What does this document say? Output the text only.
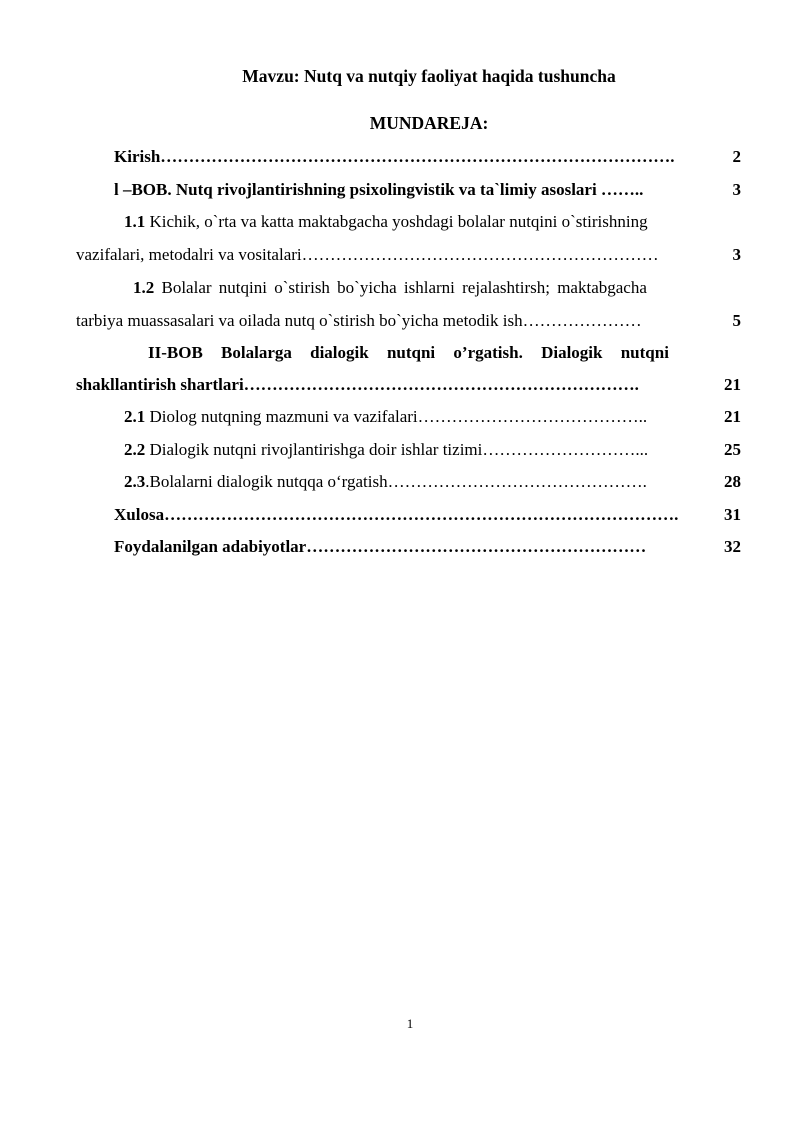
Mavzu: Nutq va nutqiy faoliyat haqida tushuncha
MUNDAREJA:
Kirish……………………………………………………………………………….	2
l –BOB. Nutq rivojlantirishning psixolingvistik va ta`limiy asoslari ……..	3
1.1 Kichik, o`rta va katta maktabgacha yoshdagi bolalar nutqini o`stirishning
vazifalari, metodalri va vositalari………………………………………………………	3
1.2 Bolalar nutqini o`stirish bo`yicha ishlarni rejalashtirsh; maktabgacha
tarbiya muassasalari va oilada nutq o`stirish bo`yicha metodik ish…………………	5
II-BOB Bolalarga dialogik nutqni o’rgatish. Dialogik nutqni
shakllantirish shartlari…………………………………………………………….	21
2.1 Diolog nutqning mazmuni va vazifalari…………………………………..	21
2.2 Dialogik nutqni rivojlantirishga doir ishlar tizimi………………………...	25
2.3.Bolalarni dialogik nutqqa o‘rgatish……………………………………….	28
Xulosa……………………………………………………………………………….	31
Foydalanilgan adabiyotlar……………………………………………………	32
1
